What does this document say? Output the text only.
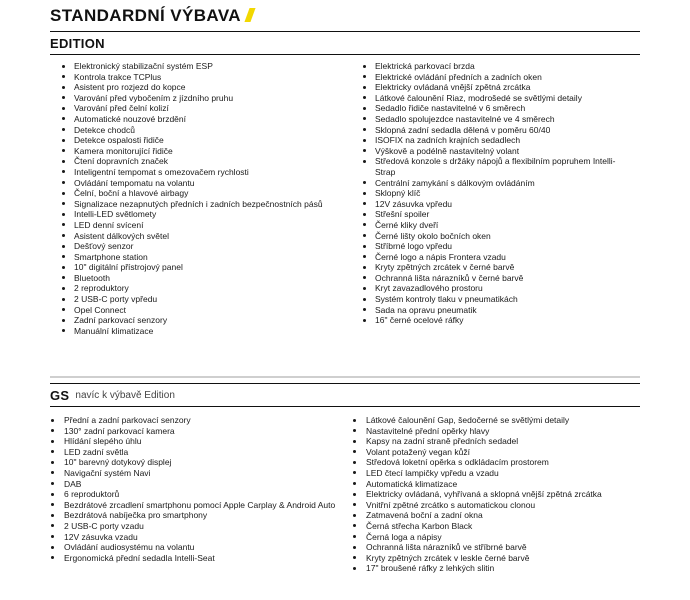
STANDARDNÍ VÝBAVA
EDITION
Elektronický stabilizační systém ESP
Kontrola trakce TCPlus
Asistent pro rozjezd do kopce
Varování před vybočením z jízdního pruhu
Varování před čelní kolizí
Automatické nouzové brzdění
Detekce chodců
Detekce ospalosti řidiče
Kamera monitorující řidiče
Čtení dopravních značek
Inteligentní tempomat s omezovačem rychlosti
Ovládání tempomatu na volantu
Čelní, boční a hlavové airbagy
Signalizace nezapnutých předních i zadních bezpečnostních pásů
Intelli-LED světlomety
LED denní svícení
Asistent dálkových světel
Dešťový senzor
Smartphone station
10" digitální přístrojový panel
Bluetooth
2 reproduktory
2 USB-C porty vpředu
Opel Connect
Zadní parkovací senzory
Manuální klimatizace
Elektrická parkovací brzda
Elektrické ovládání předních a zadních oken
Elektricky ovládaná vnější zpětná zrcátka
Látkové čalounění Riaz, modrošedé se světlými detaily
Sedadlo řidiče nastavitelné v 6 směrech
Sedadlo spolujezdce nastavitelné ve 4 směrech
Sklopná zadní sedadla dělená v poměru 60/40
ISOFIX na zadních krajních sedadlech
Výškově a podélně nastavitelný volant
Středová konzole s držáky nápojů a flexibilním popruhem Intelli-Strap
Centrální zamykání s dálkovým ovládáním
Sklopný klíč
12V zásuvka vpředu
Střešní spoiler
Černé kliky dveří
Černé lišty okolo bočních oken
Stříbrné logo vpředu
Černé logo a nápis Frontera vzadu
Kryty zpětných zrcátek v černé barvě
Ochranná lišta nárazníků v černé barvě
Kryt zavazadlového prostoru
Systém kontroly tlaku v pneumatikách
Sada na opravu pneumatik
16" černé ocelové ráfky
GS navíc k výbavě Edition
Přední a zadní parkovací senzory
130° zadní parkovací kamera
Hlídání slepého úhlu
LED zadní světla
10" barevný dotykový displej
Navigační systém Navi
DAB
6 reproduktorů
Bezdrátové zrcadlení smartphonu pomocí Apple Carplay & Android Auto
Bezdrátová nabíječka pro smartphony
2 USB-C porty vzadu
12V zásuvka vzadu
Ovládání audiosystému na volantu
Ergonomická přední sedadla Intelli-Seat
Látkové čalounění Gap, šedočerné se světlými detaily
Nastavitelné přední opěrky hlavy
Kapsy na zadní straně předních sedadel
Volant potažený vegan kůží
Středová loketní opěrka s odkládacím prostorem
LED čtecí lampičky vpředu a vzadu
Automatická klimatizace
Elektricky ovládaná, vyhřívaná a sklopná vnější zpětná zrcátka
Vnitřní zpětné zrcátko s automatickou clonou
Zatmavená boční a zadní okna
Černá střecha Karbon Black
Černá loga a nápisy
Ochranná lišta nárazníků ve stříbrné barvě
Kryty zpětných zrcátek v leskle černé barvě
17" broušené ráfky z lehkých slitin
